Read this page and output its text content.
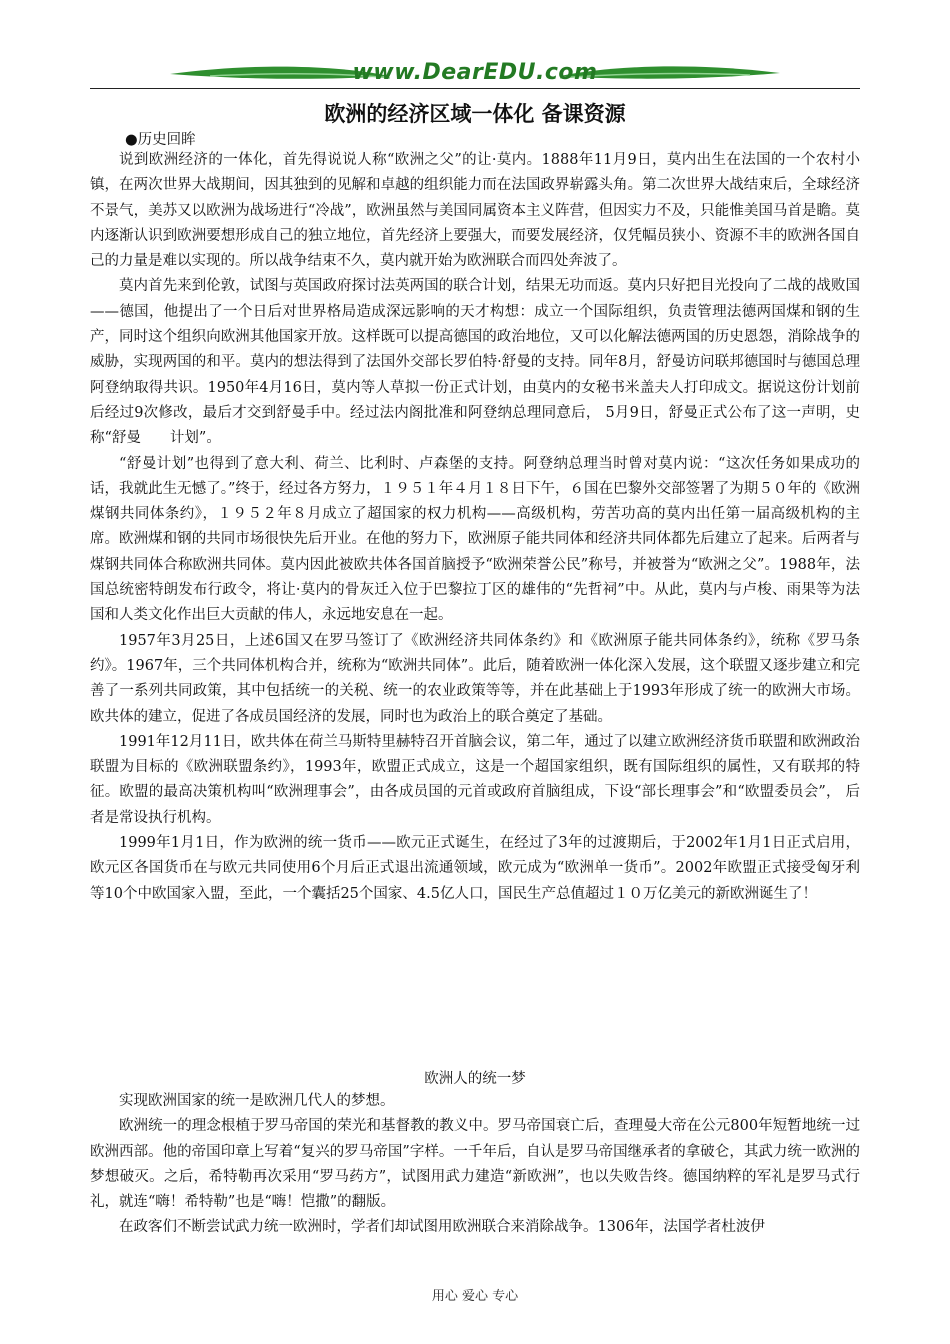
www.DearEDU.com
欧洲的经济区域一体化 备课资源
●历史回眸

说到欧洲经济的一体化，首先得说说人称“欧洲之父”的让·莫内。1888年11月9日，莫内出生在法国的一个农村小镇，在两次世界大战期间，因其独到的见解和卓越的组织能力而在法国政界崭露头角。第二次世界大战结束后，全球经济不景气，美苏又以欧洲为战场进行“冷战”，欧洲虽然与美国同属资本主义阵营，但因实力不及，只能惟美国马首是瞻。莫内逐渐认识到欧洲要想形成自己的独立地位，首先经济上要强大，而要发展经济，仅凭幅员狭小、资源不丰的欧洲各国自己的力量是难以实现的。所以战争结束不久，莫内就开始为欧洲联合而四处奔波了。

莫内首先来到伦敦，试图与英国政府探讨法英两国的联合计划，结果无功而返。莫内只好把目光投向了二战的战败国——德国，他提出了一个日后对世界格局造成深远影响的天才构想：成立一个国际组织，负责管理法德两国煤和钢的生产，同时这个组织向欧洲其他国家开放。这样既可以提高德国的政治地位，又可以化解法德两国的历史恩怨，消除战争的威胁，实现两国的和平。莫内的想法得到了法国外交部长罗伯特·舒曼的支持。同年8月，舒曼访问联邦德国时与德国总理阿登纳取得共识。1950年4月16日，莫内等人草拟一份正式计划，由莫内的女秘书米盖夫人打印成文。据说这份计划前后经过9次修改，最后才交到舒曼手中。经过法内阁批准和阿登纳总理同意后， 5月9日，舒曼正式公布了这一声明，史称“舒曼　　计划”。

“舒曼计划”也得到了意大利、荷兰、比利时、卢森堡的支持。阿登纳总理当时曾对莫内说：“这次任务如果成功的话，我就此生无憾了。”终于，经过各方努力，１９５１年４月１８日下午，６国在巴黎外交部签署了为期５０年的《欧洲煤钢共同体条约》，１９５２年８月成立了超国家的权力机构——高级机构，劳苦功高的莫内出任第一届高级机构的主席。欧洲煤和钢的共同市场很快先后开业。在他的努力下，欧洲原子能共同体和经济共同体都先后建立了起来。后两者与煤钢共同体合称欧洲共同体。莫内因此被欧共体各国首脑授予“欧洲荣誉公民”称号，并被誉为“欧洲之父”。1988年，法国总统密特朗发布行政令，将让·莫内的骨灰迁入位于巴黎拉丁区的雄伟的“先哲祠”中。从此，莫内与卢梭、雨果等为法国和人类文化作出巨大贡献的伟人，永远地安息在一起。

1957年3月25日，上述6国又在罗马签订了《欧洲经济共同体条约》和《欧洲原子能共同体条约》，统称《罗马条约》。1967年，三个共同体机构合并，统称为“欧洲共同体”。此后，随着欧洲一体化深入发展，这个联盟又逐步建立和完善了一系列共同政策，其中包括统一的关税、统一的农业政策等等，并在此基础上于1993年形成了统一的欧洲大市场。欧共体的建立，促进了各成员国经济的发展，同时也为政治上的联合奠定了基础。

1991年12月11日，欧共体在荷兰马斯特里赫特召开首脑会议，第二年，通过了以建立欧洲经济货币联盟和欧洲政治联盟为目标的《欧洲联盟条约》，1993年，欧盟正式成立，这是一个超国家组织，既有国际组织的属性，又有联邦的特征。欧盟的最高决策机构叫“欧洲理事会”，由各成员国的元首或政府首脑组成，下设“部长理事会”和“欧盟委员会”， 后者是常设执行机构。

1999年1月1日，作为欧洲的统一货币——欧元正式诞生，在经过了3年的过渡期后，于2002年1月1日正式启用，欧元区各国货币在与欧元共同使用6个月后正式退出流通领域，欧元成为“欧洲单一货币”。2002年欧盟正式接受匈牙利等10个中欧国家入盟，至此，一个囊括25个国家、4.5亿人口，国民生产总值超过１０万亿美元的新欧洲诞生了！

欧洲人的统一梦

实现欧洲国家的统一是欧洲几代人的梦想。

欧洲统一的理念根植于罗马帝国的荣光和基督教的教义中。罗马帝国衰亡后，查理曼大帝在公元800年短暂地统一过欧洲西部。他的帝国印章上写着“复兴的罗马帝国”字样。一千年后，自认是罗马帝国继承者的拿破仑，其武力统一欧洲的梦想破灭。之后，希特勒再次采用“罗马药方”，试图用武力建造“新欧洲”，也以失败告终。德国纳粹的军礼是罗马式行礼，就连“嗨！希特勒”也是“嗨！恺撒”的翻版。

在政客们不断尝试武力统一欧洲时，学者们却试图用欧洲联合来消除战争。1306年，法国学者杜波伊

用心 爱心 专心
